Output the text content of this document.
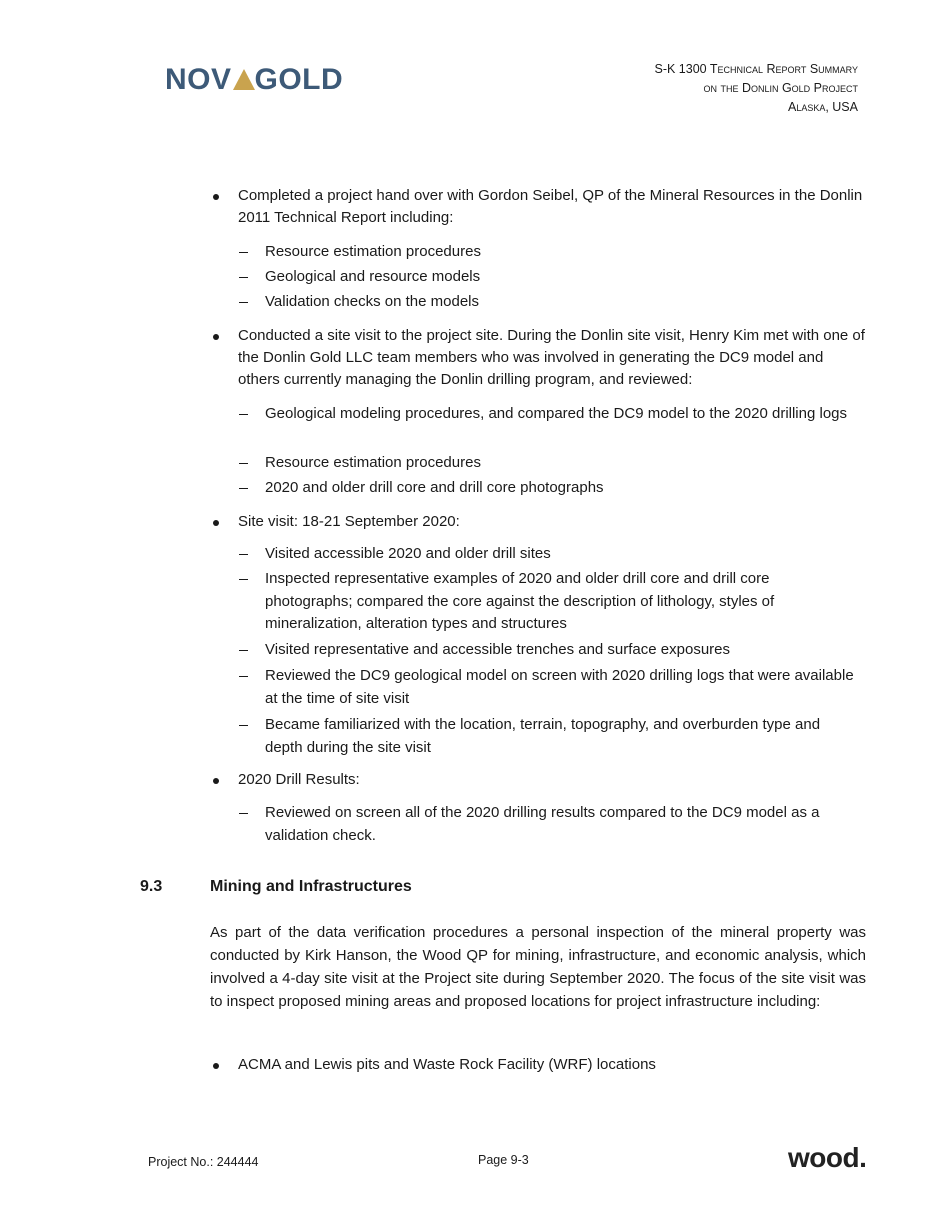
NOV GOLD	S-K 1300 Technical Report Summary
on the Donlin Gold Project
Alaska, USA
Completed a project hand over with Gordon Seibel, QP of the Mineral Resources in the Donlin 2011 Technical Report including:
Resource estimation procedures
Geological and resource models
Validation checks on the models
Conducted a site visit to the project site. During the Donlin site visit, Henry Kim met with one of the Donlin Gold LLC team members who was involved in generating the DC9 model and others currently managing the Donlin drilling program, and reviewed:
Geological modeling procedures, and compared the DC9 model to the 2020 drilling logs
Resource estimation procedures
2020 and older drill core and drill core photographs
Site visit: 18-21 September 2020:
Visited accessible 2020 and older drill sites
Inspected representative examples of 2020 and older drill core and drill core photographs; compared the core against the description of lithology, styles of mineralization, alteration types and structures
Visited representative and accessible trenches and surface exposures
Reviewed the DC9 geological model on screen with 2020 drilling logs that were available at the time of site visit
Became familiarized with the location, terrain, topography, and overburden type and depth during the site visit
2020 Drill Results:
Reviewed on screen all of the 2020 drilling results compared to the DC9 model as a validation check.
9.3	Mining and Infrastructures
As part of the data verification procedures a personal inspection of the mineral property was conducted by Kirk Hanson, the Wood QP for mining, infrastructure, and economic analysis, which involved a 4-day site visit at the Project site during September 2020. The focus of the site visit was to inspect proposed mining areas and proposed locations for project infrastructure including:
ACMA and Lewis pits and Waste Rock Facility (WRF) locations
Project No.: 244444	Page 9-3	wood.
